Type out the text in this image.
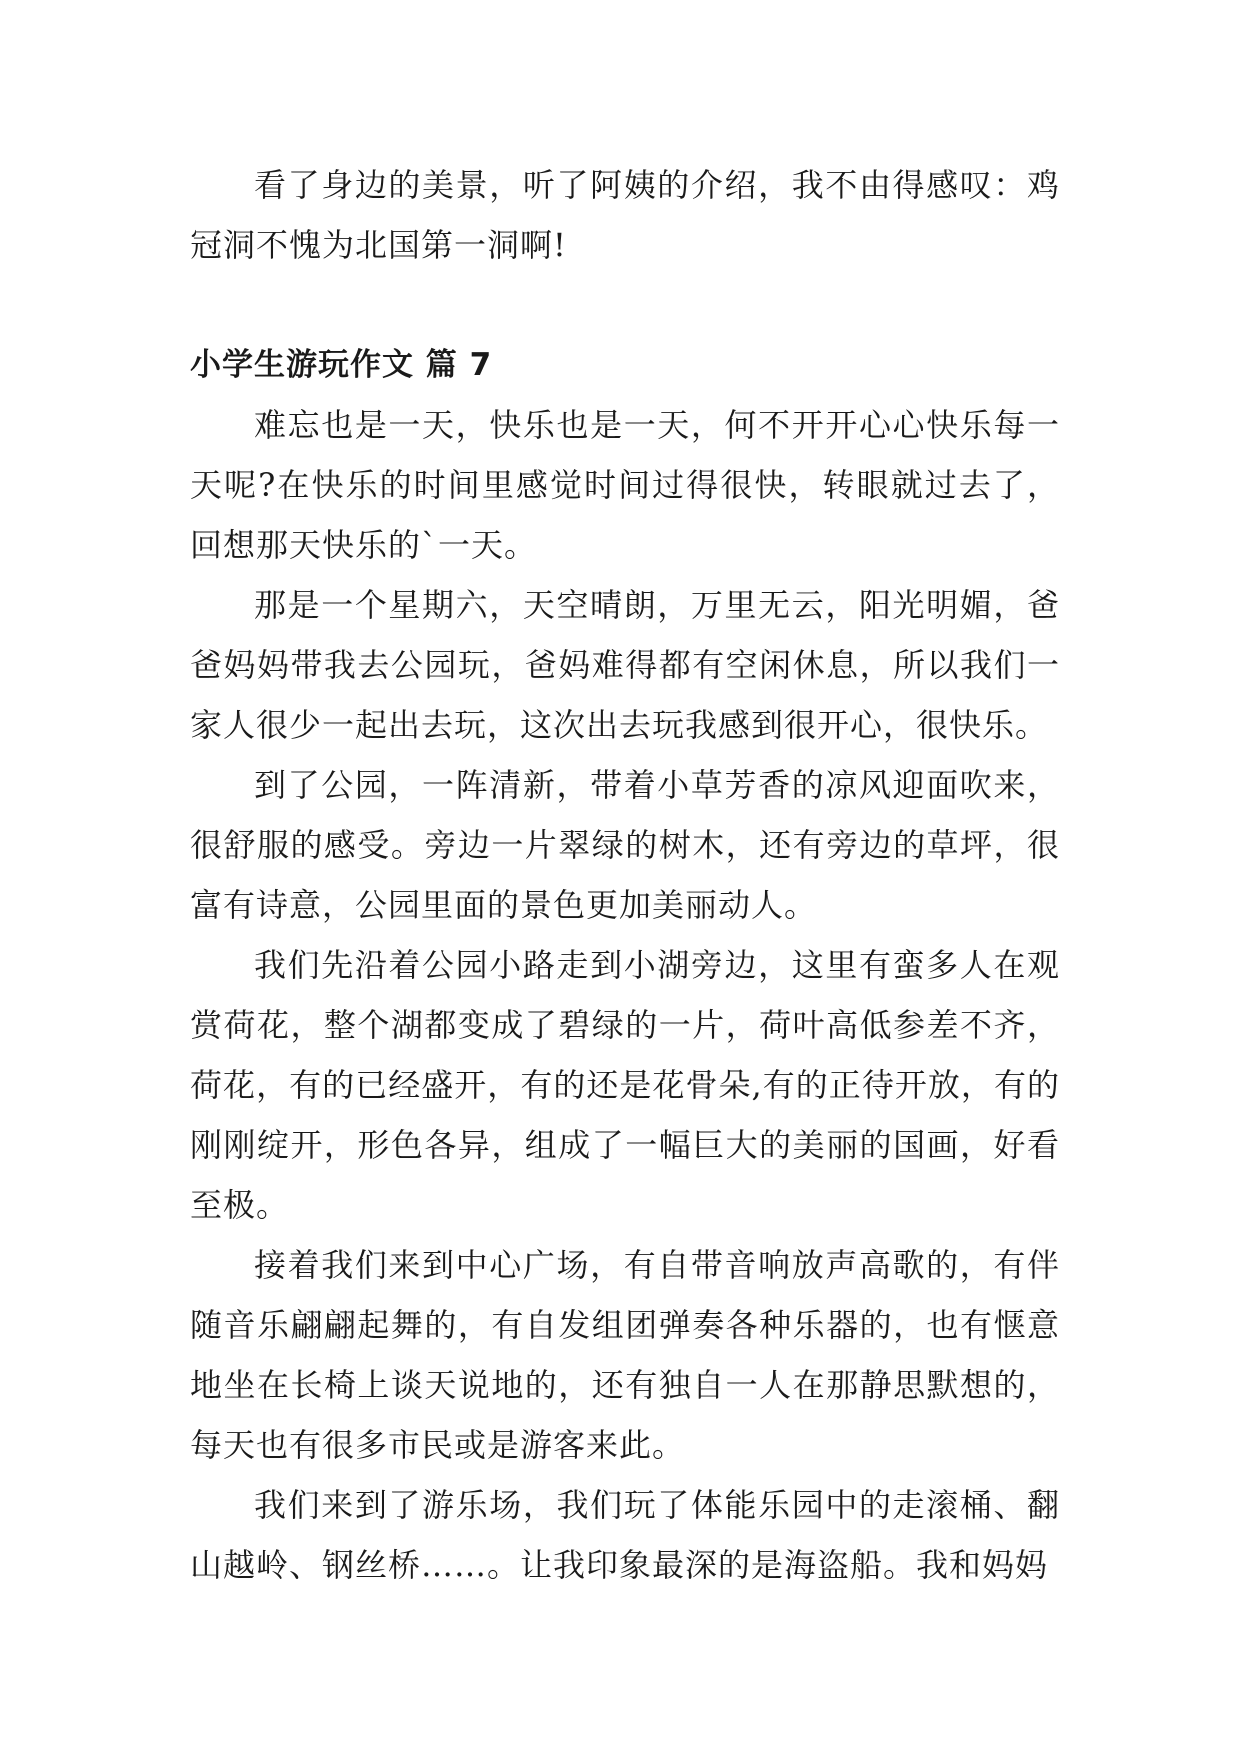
看了身边的美景，听了阿姨的介绍，我不由得感叹：鸡冠洞不愧为北国第一洞啊!

小学生游玩作文 篇 7

难忘也是一天，快乐也是一天，何不开开心心快乐每一天呢?在快乐的时间里感觉时间过得很快，转眼就过去了，回想那天快乐的`一天。

那是一个星期六，天空晴朗，万里无云，阳光明媚，爸爸妈妈带我去公园玩，爸妈难得都有空闲休息，所以我们一家人很少一起出去玩，这次出去玩我感到很开心，很快乐。

到了公园，一阵清新，带着小草芳香的凉风迎面吹来，很舒服的感受。旁边一片翠绿的树木，还有旁边的草坪，很富有诗意，公园里面的景色更加美丽动人。

我们先沿着公园小路走到小湖旁边，这里有蛮多人在观赏荷花，整个湖都变成了碧绿的一片，荷叶高低参差不齐，荷花，有的已经盛开，有的还是花骨朵,有的正待开放，有的刚刚绽开，形色各异，组成了一幅巨大的美丽的国画，好看至极。

接着我们来到中心广场，有自带音响放声高歌的，有伴随音乐翩翩起舞的，有自发组团弹奏各种乐器的，也有惬意地坐在长椅上谈天说地的，还有独自一人在那静思默想的，每天也有很多市民或是游客来此。

我们来到了游乐场，我们玩了体能乐园中的走滚桶、翻山越岭、钢丝桥……。让我印象最深的是海盗船。我和妈妈
